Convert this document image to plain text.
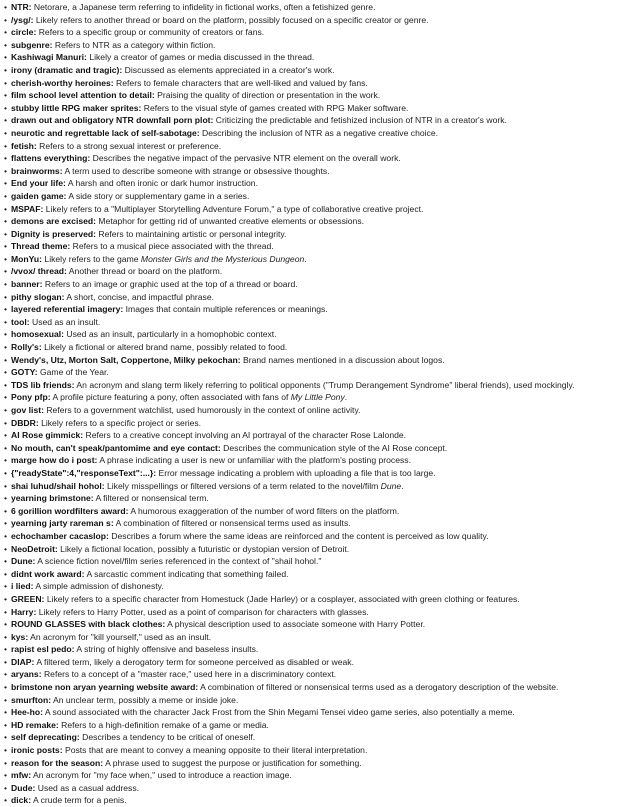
• NTR: Netorare, a Japanese term referring to infidelity in fictional works, often a fetishized genre.
• /ysg/: Likely refers to another thread or board on the platform, possibly focused on a specific creator or genre.
• circle: Refers to a specific group or community of creators or fans.
• subgenre: Refers to NTR as a category within fiction.
• Kashiwagi Manuri: Likely a creator of games or media discussed in the thread.
• irony (dramatic and tragic): Discussed as elements appreciated in a creator's work.
• cherish-worthy heroines: Refers to female characters that are well-liked and valued by fans.
• film school level attention to detail: Praising the quality of direction or presentation in the work.
• stubby little RPG maker sprites: Refers to the visual style of games created with RPG Maker software.
• drawn out and obligatory NTR downfall porn plot: Criticizing the predictable and fetishized inclusion of NTR in a creator's work.
• neurotic and regrettable lack of self-sabotage: Describing the inclusion of NTR as a negative creative choice.
• fetish: Refers to a strong sexual interest or preference.
• flattens everything: Describes the negative impact of the pervasive NTR element on the overall work.
• brainworms: A term used to describe someone with strange or obsessive thoughts.
• End your life: A harsh and often ironic or dark humor instruction.
• gaiden game: A side story or supplementary game in a series.
• MSPAF: Likely refers to a "Multiplayer Storytelling Adventure Forum," a type of collaborative creative project.
• demons are excised: Metaphor for getting rid of unwanted creative elements or obsessions.
• Dignity is preserved: Refers to maintaining artistic or personal integrity.
• Thread theme: Refers to a musical piece associated with the thread.
• MonYu: Likely refers to the game Monster Girls and the Mysterious Dungeon.
• /vvox/ thread: Another thread or board on the platform.
• banner: Refers to an image or graphic used at the top of a thread or board.
• pithy slogan: A short, concise, and impactful phrase.
• layered referential imagery: Images that contain multiple references or meanings.
• tool: Used as an insult.
• homosexual: Used as an insult, particularly in a homophobic context.
• Rolly's: Likely a fictional or altered brand name, possibly related to food.
• Wendy's, Utz, Morton Salt, Coppertone, Milky pekochan: Brand names mentioned in a discussion about logos.
• GOTY: Game of the Year.
• TDS lib friends: An acronym and slang term likely referring to political opponents ("Trump Derangement Syndrome" liberal friends), used mockingly.
• Pony pfp: A profile picture featuring a pony, often associated with fans of My Little Pony.
• gov list: Refers to a government watchlist, used humorously in the context of online activity.
• DBDR: Likely refers to a specific project or series.
• AI Rose gimmick: Refers to a creative concept involving an AI portrayal of the character Rose Lalonde.
• No mouth, can't speak/pantomime and eye contact: Describes the communication style of the AI Rose concept.
• marge how do i post: A phrase indicating a user is new or unfamiliar with the platform's posting process.
• {"readyState":4,"responseText":...}: Error message indicating a problem with uploading a file that is too large.
• shai luhud/shail hohol: Likely misspellings or filtered versions of a term related to the novel/film Dune.
• yearning brimstone: A filtered or nonsensical term.
• 6 gorillion wordfilters award: A humorous exaggeration of the number of word filters on the platform.
• yearning jarty rareman s: A combination of filtered or nonsensical terms used as insults.
• echochamber cacaslop: Describes a forum where the same ideas are reinforced and the content is perceived as low quality.
• NeoDetroit: Likely a fictional location, possibly a futuristic or dystopian version of Detroit.
• Dune: A science fiction novel/film series referenced in the context of "shail hohol."
• didnt work award: A sarcastic comment indicating that something failed.
• i lied: A simple admission of dishonesty.
• GREEN: Likely refers to a specific character from Homestuck (Jade Harley) or a cosplayer, associated with green clothing or features.
• Harry: Likely refers to Harry Potter, used as a point of comparison for characters with glasses.
• ROUND GLASSES with black clothes: A physical description used to associate someone with Harry Potter.
• kys: An acronym for "kill yourself," used as an insult.
• rapist esl pedo: A string of highly offensive and baseless insults.
• DIAP: A filtered term, likely a derogatory term for someone perceived as disabled or weak.
• aryans: Refers to a concept of a "master race," used here in a discriminatory context.
• brimstone non aryan yearning website award: A combination of filtered or nonsensical terms used as a derogatory description of the website.
• smurfton: An unclear term, possibly a meme or inside joke.
• Hee-ho: A sound associated with the character Jack Frost from the Shin Megami Tensei video game series, also potentially a meme.
• HD remake: Refers to a high-definition remake of a game or media.
• self deprecating: Describes a tendency to be critical of oneself.
• ironic posts: Posts that are meant to convey a meaning opposite to their literal interpretation.
• reason for the season: A phrase used to suggest the purpose or justification for something.
• mfw: An acronym for "my face when," used to introduce a reaction image.
• Dude: Used as a casual address.
• dick: A crude term for a penis.
